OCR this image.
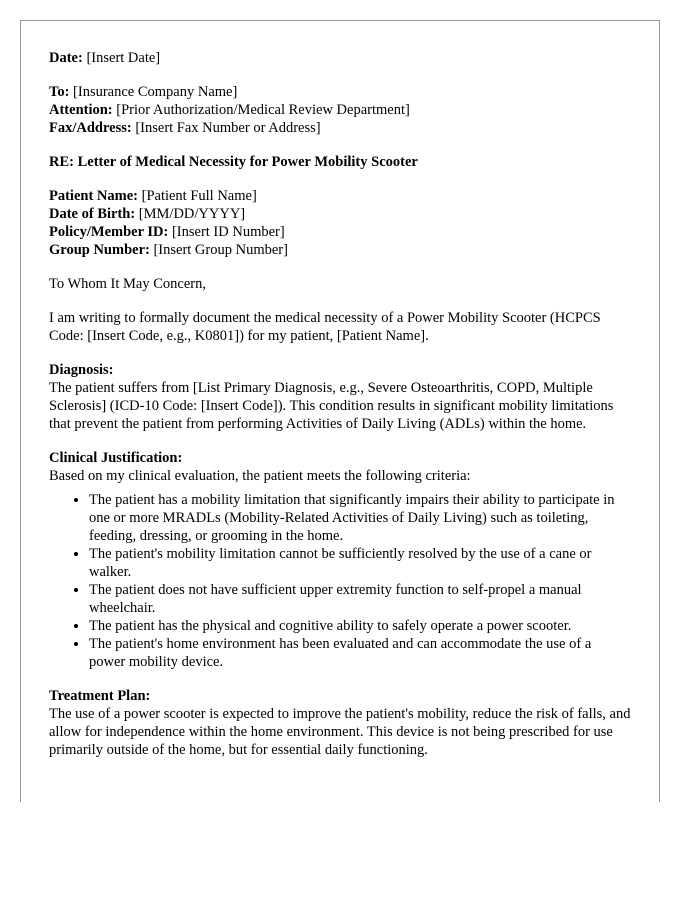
Date: [Insert Date]
To: [Insurance Company Name]
Attention: [Prior Authorization/Medical Review Department]
Fax/Address: [Insert Fax Number or Address]
RE: Letter of Medical Necessity for Power Mobility Scooter
Patient Name: [Patient Full Name]
Date of Birth: [MM/DD/YYYY]
Policy/Member ID: [Insert ID Number]
Group Number: [Insert Group Number]

To Whom It May Concern,

I am writing to formally document the medical necessity of a Power Mobility Scooter (HCPCS Code: [Insert Code, e.g., K0801]) for my patient, [Patient Name].

Diagnosis:
The patient suffers from [List Primary Diagnosis, e.g., Severe Osteoarthritis, COPD, Multiple Sclerosis] (ICD-10 Code: [Insert Code]). This condition results in significant mobility limitations that prevent the patient from performing Activities of Daily Living (ADLs) within the home.
Clinical Justification:
Based on my clinical evaluation, the patient meets the following criteria:
• The patient has a mobility limitation that significantly impairs their ability to participate in one or more MRADLs (Mobility-Related Activities of Daily Living) such as toileting, feeding, dressing, or grooming in the home.
• The patient's mobility limitation cannot be sufficiently resolved by the use of a cane or walker.
• The patient does not have sufficient upper extremity function to self-propel a manual wheelchair.
• The patient has the physical and cognitive ability to safely operate a power scooter.
• The patient's home environment has been evaluated and can accommodate the use of a power mobility device.
Treatment Plan:
The use of a power scooter is expected to improve the patient's mobility, reduce the risk of falls, and allow for independence within the home environment. This device is not being prescribed for use primarily outside of the home, but for essential daily functioning.
